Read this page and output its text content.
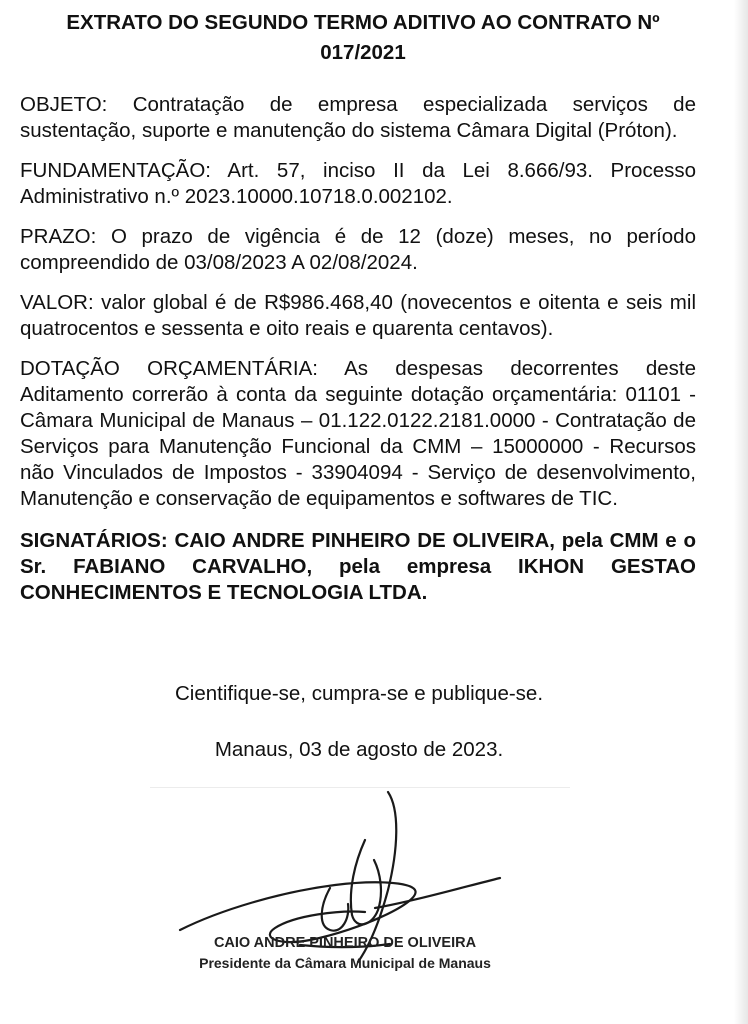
EXTRATO DO SEGUNDO TERMO ADITIVO AO CONTRATO Nº 017/2021

OBJETO: Contratação de empresa especializada serviços de sustentação, suporte e manutenção do sistema Câmara Digital (Próton).

FUNDAMENTAÇÃO: Art. 57, inciso II da Lei 8.666/93. Processo Administrativo n.º 2023.10000.10718.0.002102.

PRAZO: O prazo de vigência é de 12 (doze) meses, no período compreendido de 03/08/2023 A 02/08/2024.

VALOR: valor global é de R$986.468,40 (novecentos e oitenta e seis mil quatrocentos e sessenta e oito reais e quarenta centavos).

DOTAÇÃO ORÇAMENTÁRIA: As despesas decorrentes deste Aditamento correrão à conta da seguinte dotação orçamentária: 01101 - Câmara Municipal de Manaus – 01.122.0122.2181.0000 - Contratação de Serviços para Manutenção Funcional da CMM – 15000000 - Recursos não Vinculados de Impostos - 33904094 - Serviço de desenvolvimento, Manutenção e conservação de equipamentos e softwares de TIC.

SIGNATÁRIOS: CAIO ANDRE PINHEIRO DE OLIVEIRA, pela CMM e o Sr. FABIANO CARVALHO, pela empresa IKHON GESTAO CONHECIMENTOS E TECNOLOGIA LTDA.

Cientifique-se, cumpra-se e publique-se.

Manaus, 03 de agosto de 2023.

CAIO ANDRE PINHEIRO DE OLIVEIRA

Presidente da Câmara Municipal de Manaus
